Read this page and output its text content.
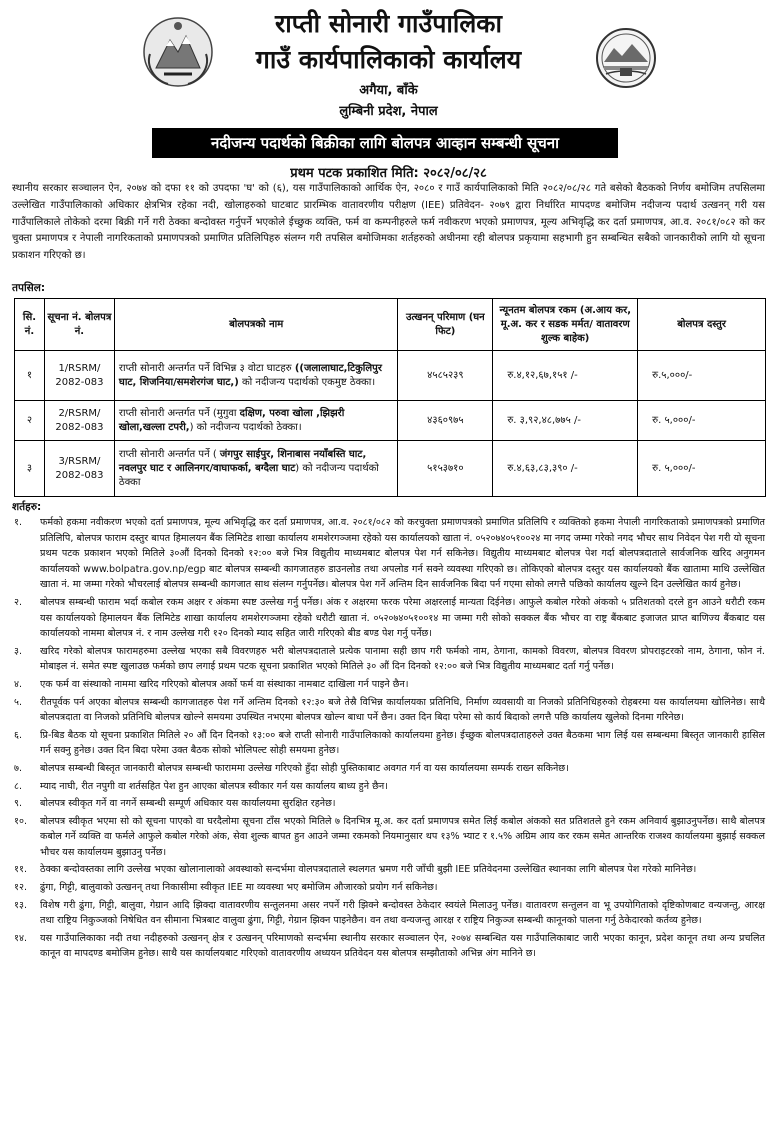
राप्ती सोनारी गाउँपालिका
गाउँ कार्यपालिकाको कार्यालय
अगैया, बाँके
लुम्बिनी प्रदेश, नेपाल
नदीजन्य पदार्थको बिक्रीका लागि बोलपत्र आव्हान सम्बन्धी सूचना
प्रथम पटक प्रकाशित मिति: २०८२/०८/२८

स्थानीय सरकार सञ्चालन ऐन, २०७४ को दफा ११ को उपदफा 'घ' को (६), यस गाउँपालिकाको आर्थिक ऐन, २०८० र गाउँ कार्यपालिकाको मिति २०८२/०८/२८ गते बसेको बैठकको निर्णय बमोजिम तपसिलमा उल्लेखित गाउँपालिकाको अधिकार क्षेत्रभित्र रहेका नदी, खोलाहरुको घाटबाट प्रारम्भिक वातावरणीय परीक्षण (IEE) प्रतिवेदन- २०७९ द्वारा निर्धारित मापदण्ड बमोजिम नदीजन्य पदार्थ उत्खनन् गरी यस गाउँपालिकाले तोकेको दरमा बिक्री गर्ने गरी ठेक्का बन्दोवस्त गर्नुपर्ने भएकोले ईच्छुक व्यक्ति, फर्म वा कम्पनीहरुले फर्म नवीकरण भएको प्रमाणपत्र, मूल्य अभिवृद्धि कर दर्ता प्रमाणपत्र, आ.व. २०८१/०८२ को कर चुक्ता प्रमाणपत्र र नेपाली नागरिकताको प्रमाणपत्रको प्रमाणित प्रतिलिपिहरु संलग्न गरी तपसिल बमोजिमका शर्तहरुको अधीनमा रही बोलपत्र प्रकृयामा सहभागी हुन सम्बन्धित सबैको जानकारीको लागि यो सूचना प्रकाशन गरिएको छ।

तपसिल:
सि. नं.	सूचना नं. बोलपत्र नं.	बोलपत्रको नाम	उत्खनन् परिमाण (घन फिट)	न्यूनतम बोलपत्र रकम (अ.आय कर, मू.अ. कर र सडक मर्मत/ वातावरण शुल्क बाहेक)	बोलपत्र दस्तुर
१	1/RSRM/ 2082-083	राप्ती सोनारी अन्तर्गत पर्ने विभिन्न ३ वोटा घाटहरु ((जलालाघाट,टिकुलिपुर घाट, शिजनिया/समशेरगंज घाट,) को नदीजन्य पदार्थको एकमुष्ट ठेक्का।	४५८५२३९	रु.४,१२,६७,१५१ /-	रु.५,०००/-
२	2/RSRM/ 2082-083	राप्ती सोनारी अन्तर्गत पर्ने (मुगुवा दक्षिण, परुवा खोला ,झिझरी खोला,खल्ला टपरी,) को नदीजन्य पदार्थको ठेक्का।	४३६०९७५	रु. ३,९२,४८,७७५ /-	रु. ५,०००/-
३	3/RSRM/ 2082-083	राप्ती सोनारी अन्तर्गत पर्ने ( जंगपुर साईपुर, शिनाबास नयाँबस्ति घाट, नवलपुर घाट र आलिनगर/वाघाफर्का, बग्दैला घाट) को नदीजन्य पदार्थको ठेक्का	५१५३७१०	रु.४,६३,८३,३९० /-	रु. ५,०००/-
शर्तहरु:
१.	फर्मको हकमा नवीकरण भएको दर्ता प्रमाणपत्र, मूल्य अभिवृद्धि कर दर्ता प्रमाणपत्र, आ.व. २०८१/०८२ को करचुक्ता प्रमाणपत्रको प्रमाणित प्रतिलिपि र व्यक्तिको हकमा नेपाली नागरिकताको प्रमाणपत्रको प्रमाणित प्रतिलिपि, बोलपत्र फाराम दस्तुर बापत हिमालयन बैंक लिमिटेड शाखा कार्यालय शमशेरगञ्जमा रहेको यस कार्यालयको खाता नं. ०५२०७४०५१००२४ मा नगद जम्मा गरेको नगद भौचर साथ निवेदन पेश गरी यो सूचना प्रथम पटक प्रकाशन भएको मितिले ३०औं दिनको दिनको १२:०० बजे भित्र विद्युतीय माध्यमबाट बोलपत्र पेश गर्न सकिनेछ। विद्युतीय माध्यमबाट बोलपत्र पेश गर्दा बोलपत्रदाताले सार्वजनिक खरिद अनुगमन कार्यालयको www.bolpatra.gov.np/egp बाट बोलपत्र सम्बन्धी कागजातहरु डाउनलोड तथा अपलोड गर्न सक्ने व्यवस्था गरिएको छ। तोकिएको बोलपत्र दस्तुर यस कार्यालयको बैंक खातामा माथि उल्लेखित खाता नं. मा जम्मा गरेको भौचरलाई बोलपत्र सम्बन्धी कागजात साथ संलग्न गर्नुपर्नेछ। बोलपत्र पेश गर्ने अन्तिम दिन सार्वजनिक बिदा पर्न गएमा सोको लगत्तै पछिको कार्यालय खुल्ने दिन उल्लेखित कार्य हुनेछ।
२.	बोलपत्र सम्बन्धी फाराम भर्दा कबोल रकम अक्षर र अंकमा स्पष्ट उल्लेख गर्नु पर्नेछ। अंक र अक्षरमा फरक परेमा अक्षरलाई मान्यता दिईनेछ। आफुले कबोल गरेको अंकको ५ प्रतिशतको दरले हुन आउने धरौटी रकम यस कार्यालयको हिमालयन बैंक लिमिटेड शाखा कार्यालय शमशेरगञ्जमा रहेको धरौटी खाता नं. ०५२०७४०५१००१४ मा जम्मा गरी सोको सक्कल बैंक भौचर वा राष्ट्र बैंकबाट इजाजत प्राप्त बाणिज्य बैंकबाट यस कार्यालयको नाममा बोलपत्र नं. र नाम उल्लेख गरी १२० दिनको म्याद सहित जारी गरिएको बीड बण्ड पेश गर्नु पर्नेछ।
३.	खरिद गरेको बोलपत्र फारामहरुमा उल्लेख भएका सबै विवरणहरु भरी बोलपत्रदाताले प्रत्येक पानामा सही छाप गरी फर्मको नाम, ठेगाना, कामको विवरण, बोलपत्र विवरण प्रोपराइटरको नाम, ठेगाना, फोन नं. मोबाइल नं. समेत स्पष्ट खुलाउछ फर्मको छाप लगाई प्रथम पटक सूचना प्रकाशित भएको मितिले ३० औं दिन दिनको १२:०० बजे भित्र विद्युतीय माध्यमबाट दर्ता गर्नु पर्नेछ।
४.	एक फर्म वा संस्थाको नाममा खरिद गरिएको बोलपत्र अर्को फर्म वा संस्थाका नामबाट दाखिला गर्न पाइने छैन।
५.	रीतपूर्वक पर्न अएका बोलपत्र सम्बन्धी कागजातहरु पेश गर्ने अन्तिम दिनको १२:३० बजे तेस्रै विभिन्न कार्यालयका प्रतिनिधि, निर्माण व्यवसायी वा निजको प्रतिनिधिहरुको रोहबरमा यस कार्यालयमा खोलिनेछ। साथै बोलपत्रदाता वा निजको प्रतिनिधि बोलपत्र खोल्ने समयमा उपस्थित नभएमा बोलपत्र खोल्न बाधा पर्ने छैन। उक्त दिन बिदा परेमा सो कार्य बिदाको लगत्तै पछि कार्यालय खुलेको दिनमा गरिनेछ।
६.	प्रि-बिड बैठक यो सूचना प्रकाशित मितिले २० औं दिन दिनको १३:०० बजे राप्ती सोनारी गाउँपालिकाको कार्यालयमा हुनेछ। ईच्छुक बोलपत्रदाताहरुले उक्त बैठकमा भाग लिई यस सम्बन्धमा बिस्तृत जानकारी हासिल गर्न सक्नु हुनेछ। उक्त दिन बिदा परेमा उक्त बैठक सोको भोलिपल्ट सोही समयमा हुनेछ।
७.	बोलपत्र सम्बन्धी बिस्तृत जानकारी बोलपत्र सम्बन्धी फाराममा उल्लेख गरिएको हुँदा सोही पुस्तिकाबाट अवगत गर्न वा यस कार्यालयमा सम्पर्क राख्न सकिनेछ।
८.	म्याद नाघी, रीत नपुगी वा शर्तसहित पेश हुन आएका बोलपत्र स्वीकार गर्न यस कार्यालय बाध्य हुने छैन।
९.	बोलपत्र स्वीकृत गर्ने वा नगर्ने सम्बन्धी सम्पूर्ण अधिकार यस कार्यालयमा सुरक्षित रहनेछ।
१०.	बोलपत्र स्वीकृत भएमा सो को सूचना पाएको वा घरदैलोमा सूचना टाँस भएको मितिले ७ दिनभित्र मू.अ. कर दर्ता प्रमाणपत्र समेत लिई कबोल अंकको सत प्रतिशतले हुने रकम अनिवार्य बुझाउनुपर्नेछ। साथै बोलपत्र कबोल गर्ने व्यक्ति वा फर्मले आफुले कबोल गरेको अंक, सेवा शुल्क बापत हुन आउने जम्मा रकमको नियमानुसार थप १३% भ्याट र १.५% अग्रिम आय कर रकम समेत आन्तरिक राजश्व कार्यालयमा बुझाई सक्कल भौचर यस कार्यालयम बुझाउनु पर्नेछ।
११.	ठेक्का बन्दोवस्तका लागि उल्लेख भएका खोलानालाको अवस्थाको सन्दर्भमा वोलपत्रदाताले स्थलगत भ्रमण गरी जाँची बुझी IEE प्रतिवेदनमा उल्लेखित स्थानका लागि बोलपत्र पेश गरेको मानिनेछ।
१२.	ढुंगा, गिट्टी, बालुवाको उत्खनन् तथा निकासीमा स्वीकृत IEE मा व्यवस्था भए बमोजिम औजारको प्रयोग गर्न सकिनेछ।
१३.	विशेष गरी ढुंगा, गिट्टी, बालुवा, गेग्रान आदि झिक्दा वातावरणीय सन्तुलनमा असर नपर्ने गरी झिक्ने बन्दोवस्त ठेकेदार स्वयंले मिलाउनु पर्नेछ। वातावरण सन्तुलन वा भू उपयोगिताको दृष्टिकोणबाट वन्यजन्तु, आरक्ष तथा राष्ट्रिय निकुञ्जको निषेधित वन सीमाना भित्रबाट वालुवा ढुंगा, गिट्टी, गेग्रान झिक्न पाइनेछैन। वन तथा वन्यजन्तु आरक्ष र राष्ट्रिय निकुञ्ज सम्बन्धी कानूनको पालना गर्नु ठेकेदारको कर्तव्य हुनेछ।
१४.	यस गाउँपालिकाका नदी तथा नदीहरुको उत्खनन् क्षेत्र र उत्खनन् परिमाणको सन्दर्भमा स्थानीय सरकार सञ्चालन ऐन, २०७४ सम्बन्धित यस गाउँपालिकाबाट जारी भएका कानून, प्रदेश कानून तथा अन्य प्रचलित कानून वा मापदण्ड बमोजिम हुनेछ। साथै यस कार्यालयबाट गरिएको वातावरणीय अध्ययन प्रतिवेदन यस बोलपत्र सम्झौताको अभिन्न अंग मानिने छ।
